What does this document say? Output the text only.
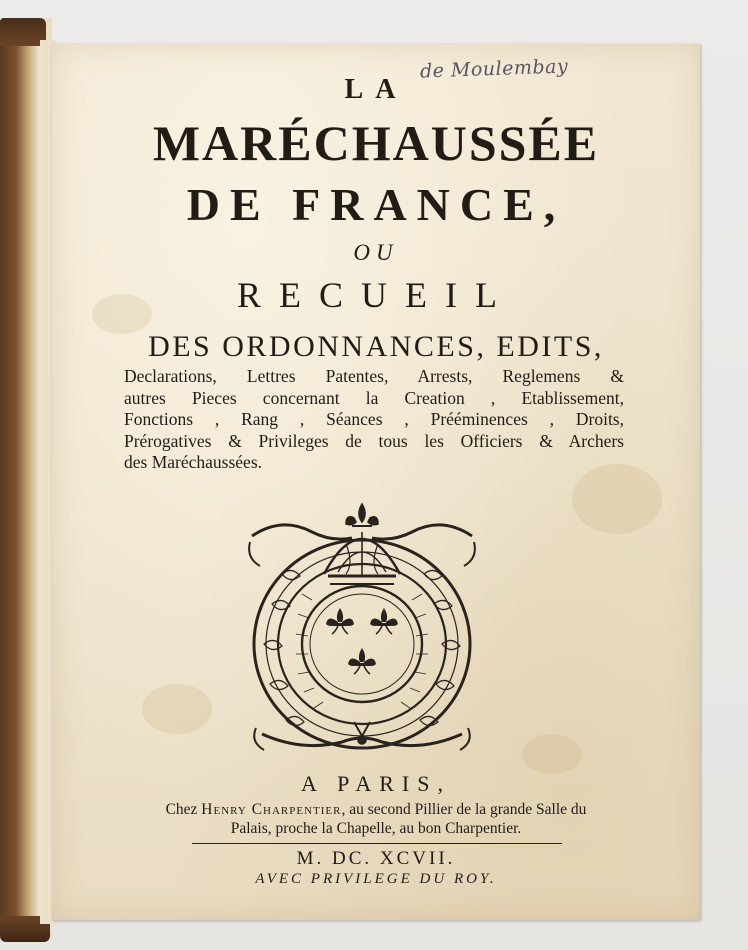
de Moulembay
LA
MARÉCHAUSSÉE
DE FRANCE,
OU
RECUEIL
DES ORDONNANCES, EDITS,
Declarations, Lettres Patentes, Arrests, Reglemens &
autres Pieces concernant la Creation , Etablissement,
Fonctions , Rang , Séances , Prééminences , Droits,
Prérogatives & Privileges de tous les Officiers & Archers
des Maréchaussées.
A PARIS,
Chez Henry Charpentier, au second Pillier de la grande Salle du
Palais, proche la Chapelle, au bon Charpentier.
M. DC. XCVII.
AVEC PRIVILEGE DU ROY.
